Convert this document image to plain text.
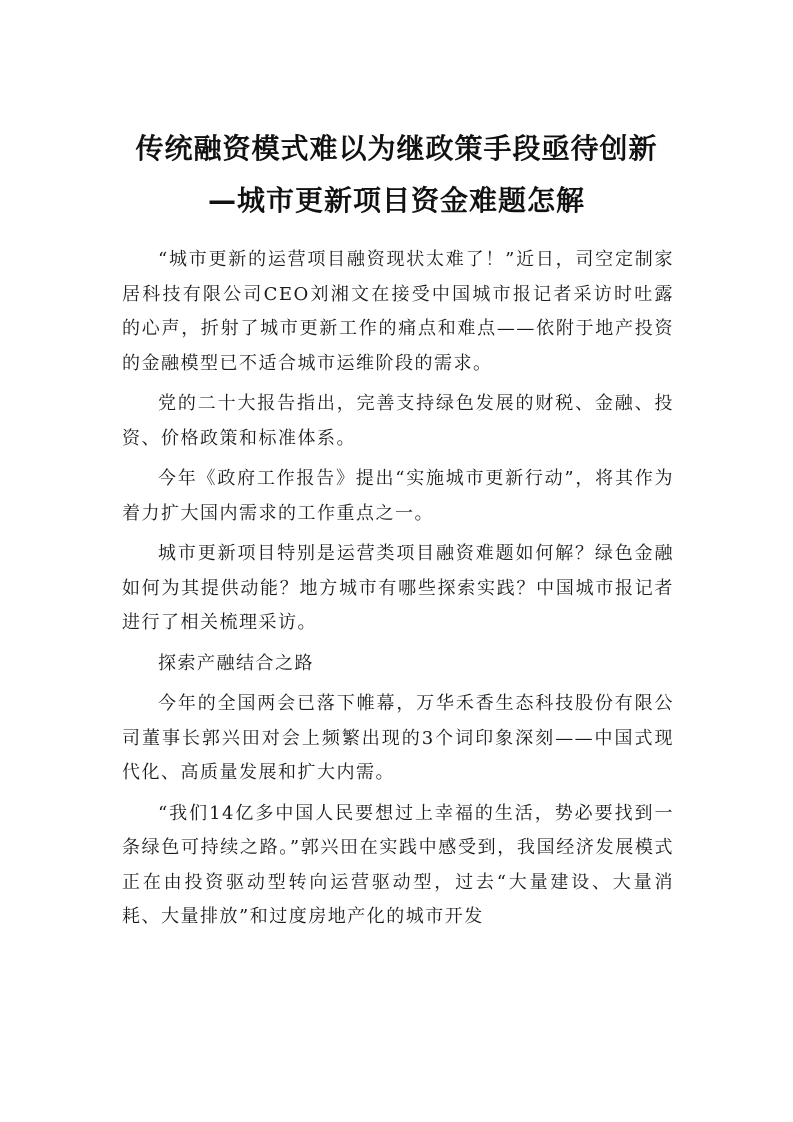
传统融资模式难以为继政策手段亟待创新
—城市更新项目资金难题怎解

“城市更新的运营项目融资现状太难了！”近日，司空定制家居科技有限公司CEO刘湘文在接受中国城市报记者采访时吐露的心声，折射了城市更新工作的痛点和难点——依附于地产投资的金融模型已不适合城市运维阶段的需求。

党的二十大报告指出，完善支持绿色发展的财税、金融、投资、价格政策和标准体系。

今年《政府工作报告》提出“实施城市更新行动”，将其作为着力扩大国内需求的工作重点之一。

城市更新项目特别是运营类项目融资难题如何解？绿色金融如何为其提供动能？地方城市有哪些探索实践？中国城市报记者进行了相关梳理采访。

探索产融结合之路

今年的全国两会已落下帷幕，万华禾香生态科技股份有限公司董事长郭兴田对会上频繁出现的3个词印象深刻——中国式现代化、高质量发展和扩大内需。

“我们14亿多中国人民要想过上幸福的生活，势必要找到一条绿色可持续之路。”郭兴田在实践中感受到，我国经济发展模式正在由投资驱动型转向运营驱动型，过去“大量建设、大量消耗、大量排放”和过度房地产化的城市开发
